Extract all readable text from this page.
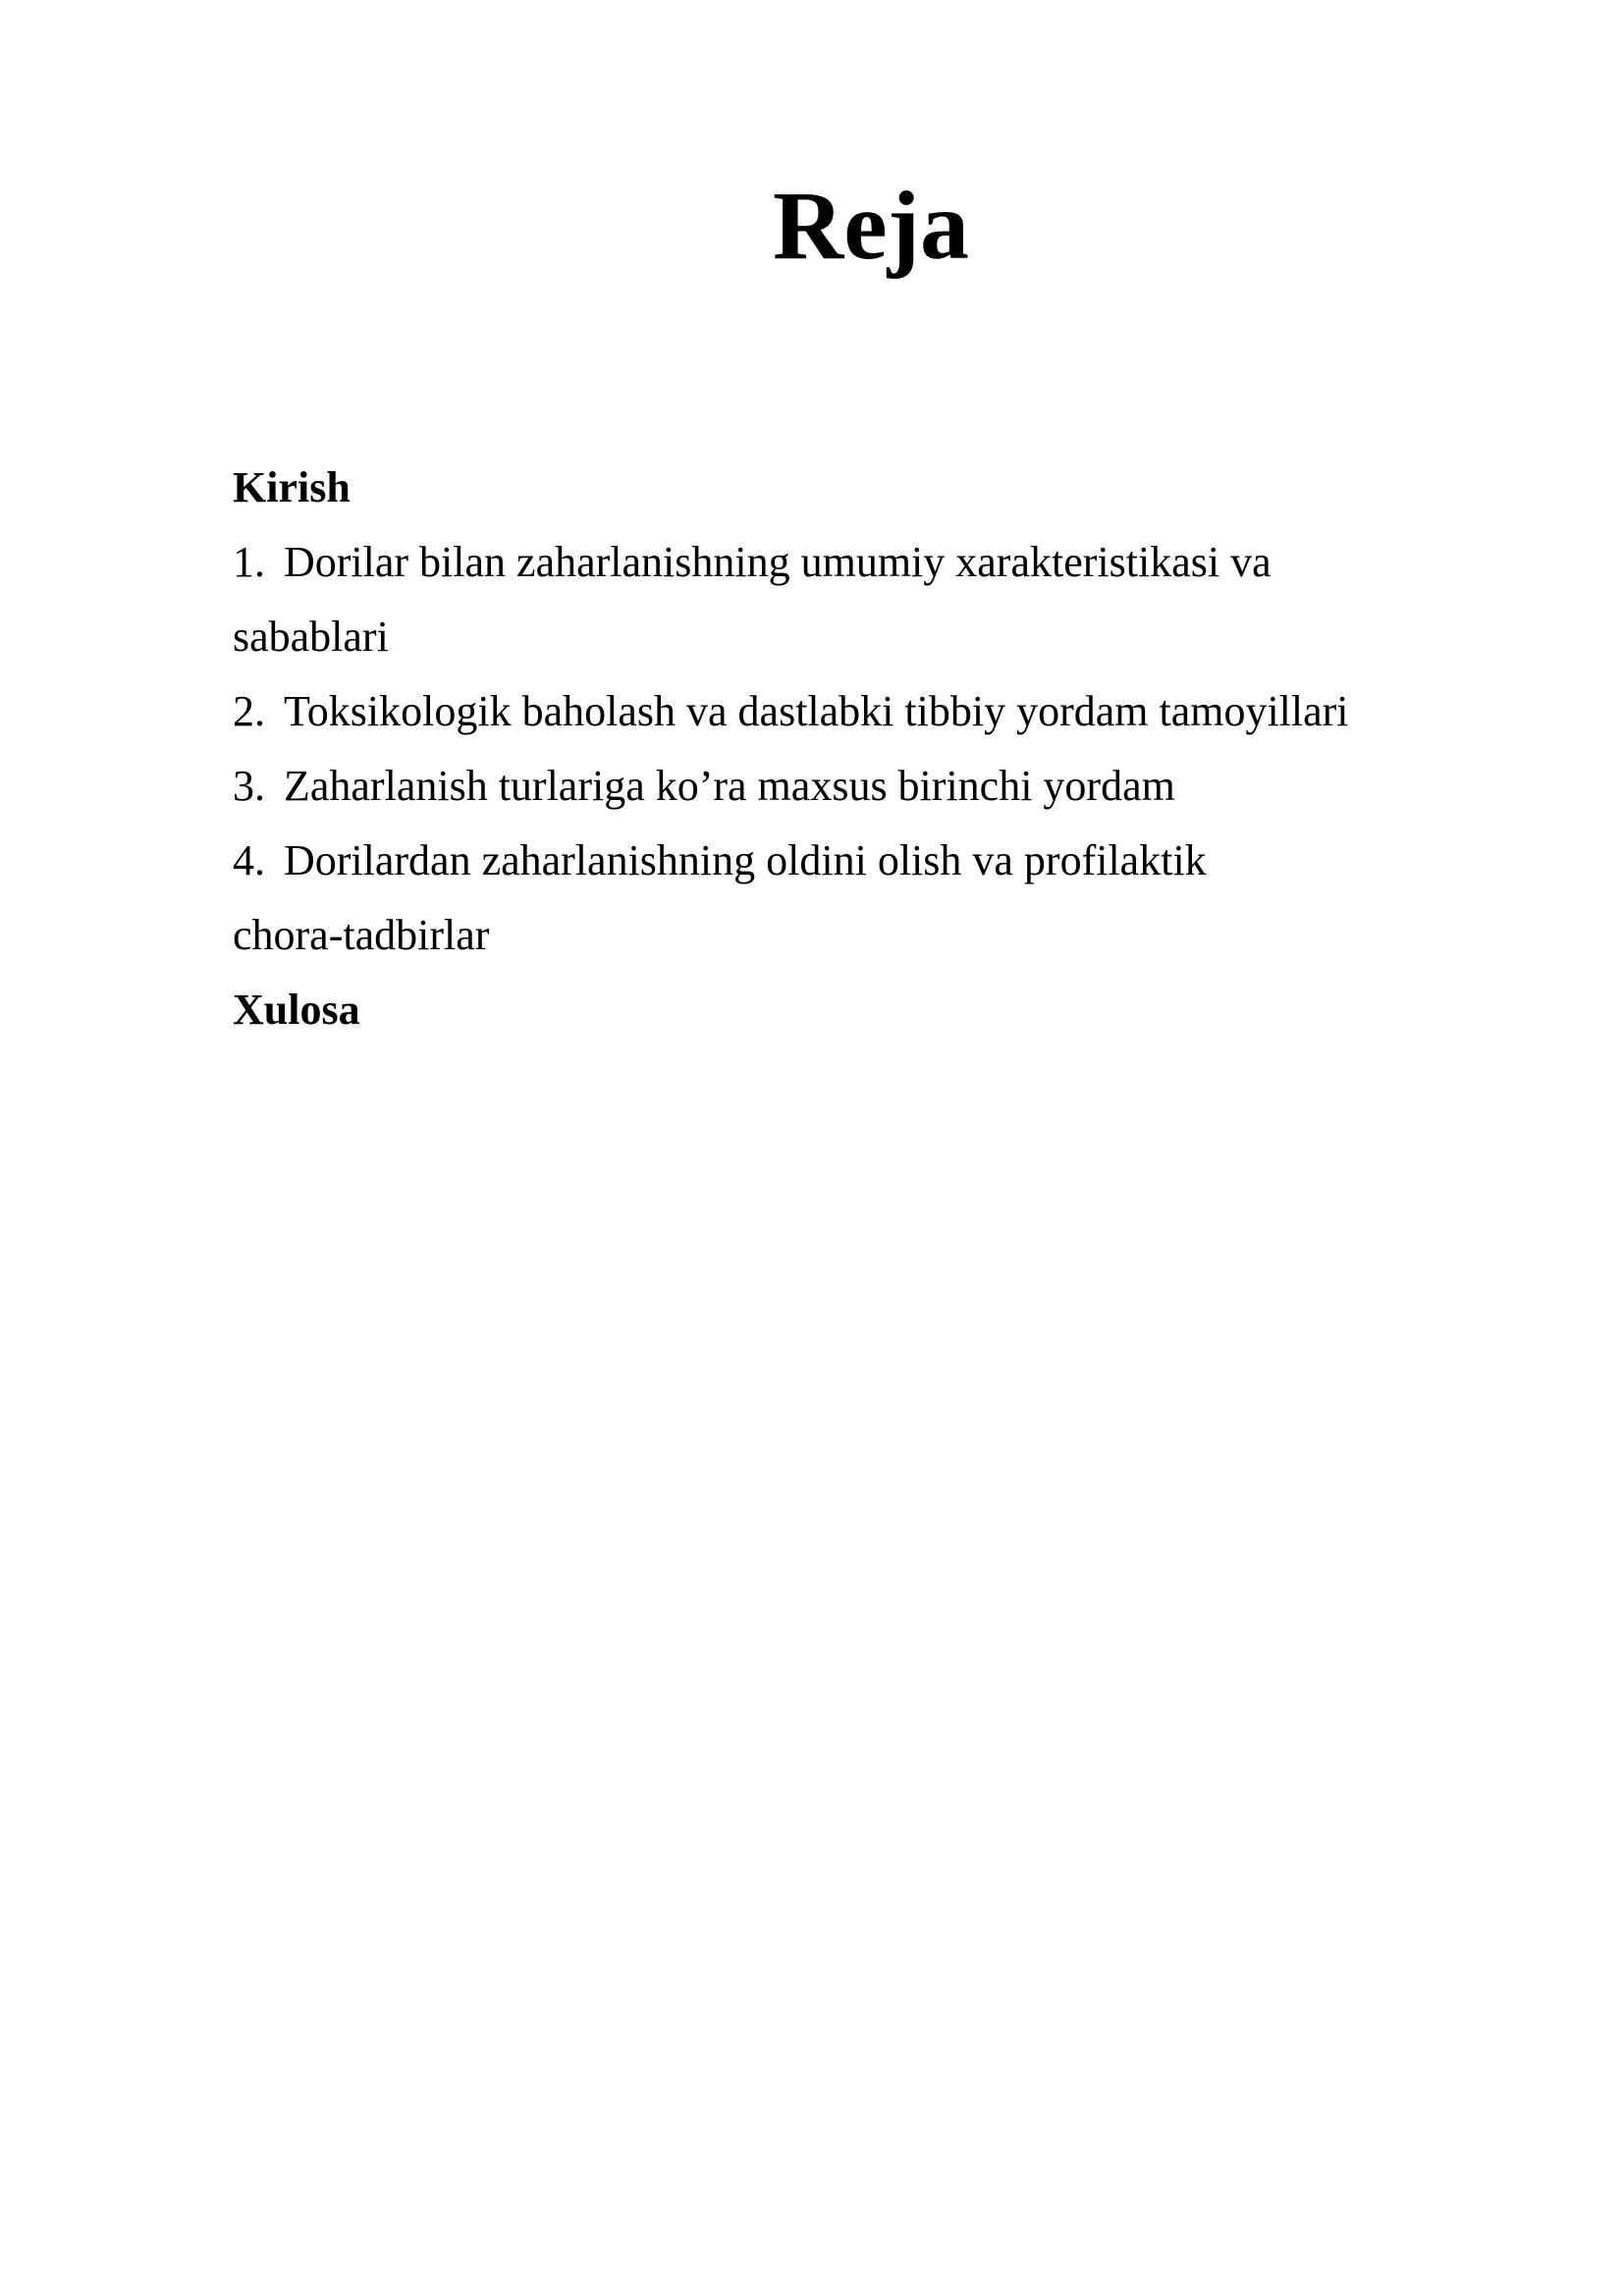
Reja
Kirish
1. Dorilar bilan zaharlanishning umumiy xarakteristikasi va
sabablari
2. Toksikologik baholash va dastlabki tibbiy yordam tamoyillari
3. Zaharlanish turlariga ko’ra maxsus birinchi yordam
4. Dorilardan zaharlanishning oldini olish va profilaktik
chora-tadbirlar
Xulosa
